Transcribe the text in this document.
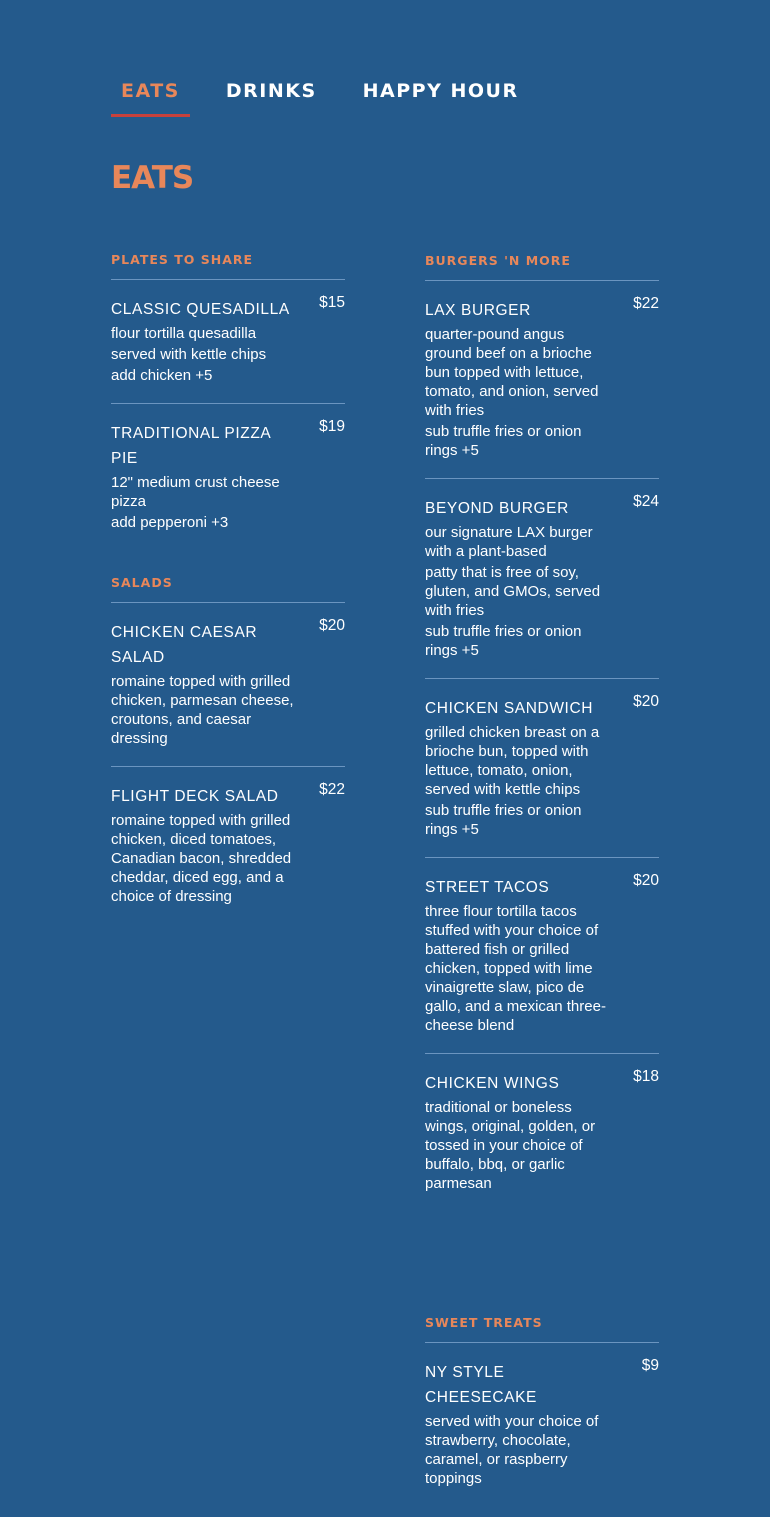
EATS	DRINKS	HAPPY HOUR
EATS
PLATES TO SHARE
CLASSIC QUESADILLA	$15
flour tortilla quesadilla
served with kettle chips
add chicken +5
TRADITIONAL PIZZA PIE
$19
12" medium crust cheese pizza
add pepperoni +3
SALADS
CHICKEN CAESAR SALAD
$20
romaine topped with grilled chicken, parmesan cheese, croutons, and caesar dressing
FLIGHT DECK SALAD	$22
romaine topped with grilled chicken, diced tomatoes, Canadian bacon, shredded cheddar, diced egg, and a choice of dressing
BURGERS 'N MORE
LAX BURGER	$22
quarter-pound angus ground beef on a brioche bun topped with lettuce, tomato, and onion, served with fries
sub truffle fries or onion rings +5
BEYOND BURGER	$24
our signature LAX burger with a plant-based
patty that is free of soy, gluten, and GMOs, served with fries
sub truffle fries or onion rings +5
CHICKEN SANDWICH	$20
grilled chicken breast on a brioche bun, topped with lettuce, tomato, onion, served with kettle chips
sub truffle fries or onion rings +5
STREET TACOS	$20
three flour tortilla tacos stuffed with your choice of battered fish or grilled chicken, topped with lime vinaigrette slaw, pico de gallo, and a mexican three-cheese blend
CHICKEN WINGS	$18
traditional or boneless wings, original, golden, or tossed in your choice of buffalo, bbq, or garlic parmesan
SWEET TREATS
NY STYLE CHEESECAKE
$9
served with your choice of strawberry, chocolate, caramel, or raspberry toppings
